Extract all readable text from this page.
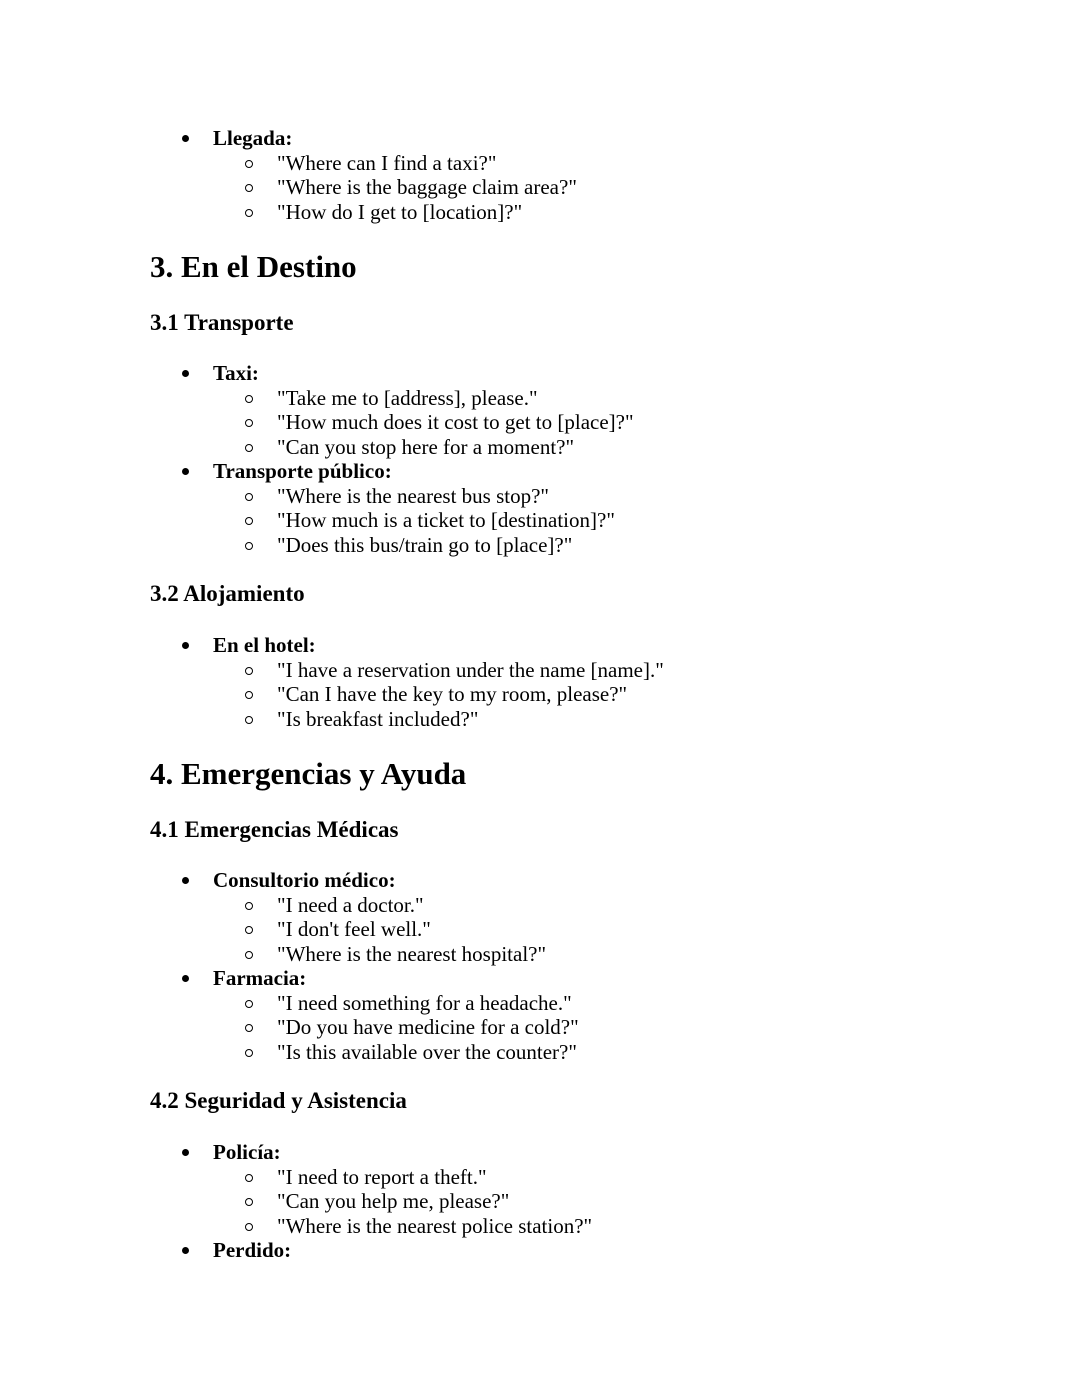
Llegada:
"Where can I find a taxi?"
"Where is the baggage claim area?"
"How do I get to [location]?"
3. En el Destino
3.1 Transporte
Taxi:
"Take me to [address], please."
"How much does it cost to get to [place]?"
"Can you stop here for a moment?"
Transporte público:
"Where is the nearest bus stop?"
"How much is a ticket to [destination]?"
"Does this bus/train go to [place]?"
3.2 Alojamiento
En el hotel:
"I have a reservation under the name [name]."
"Can I have the key to my room, please?"
"Is breakfast included?"
4. Emergencias y Ayuda
4.1 Emergencias Médicas
Consultorio médico:
"I need a doctor."
"I don't feel well."
"Where is the nearest hospital?"
Farmacia:
"I need something for a headache."
"Do you have medicine for a cold?"
"Is this available over the counter?"
4.2 Seguridad y Asistencia
Policía:
"I need to report a theft."
"Can you help me, please?"
"Where is the nearest police station?"
Perdido:
